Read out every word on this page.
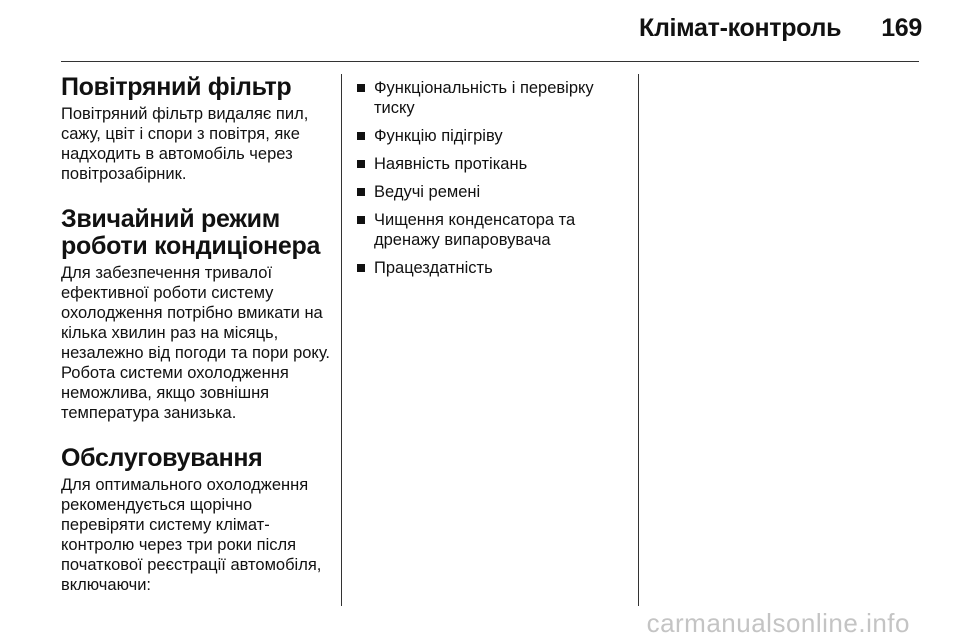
Клімат-контроль 169
Повітряний фільтр

Повітряний фільтр видаляє пил, сажу, цвіт і спори з повітря, яке надходить в автомобіль через повітрозабірник.

Звичайний режим роботи кондиціонера

Для забезпечення тривалої ефективної роботи систему охолодження потрібно вмикати на кілька хвилин раз на місяць, незалежно від погоди та пори року. Робота системи охолодження неможлива, якщо зовнішня температура занизька.

Обслуговування

Для оптимального охолодження рекомендується щорічно перевіряти систему клімат-контролю через три роки після початкової реєстрації автомобіля, включаючи:

Функціональність і перевірку тиску
Функцію підігріву
Наявність протікань
Ведучі ремені
Чищення конденсатора та дренажу випаровувача
Працездатність
carmanualsonline.info
